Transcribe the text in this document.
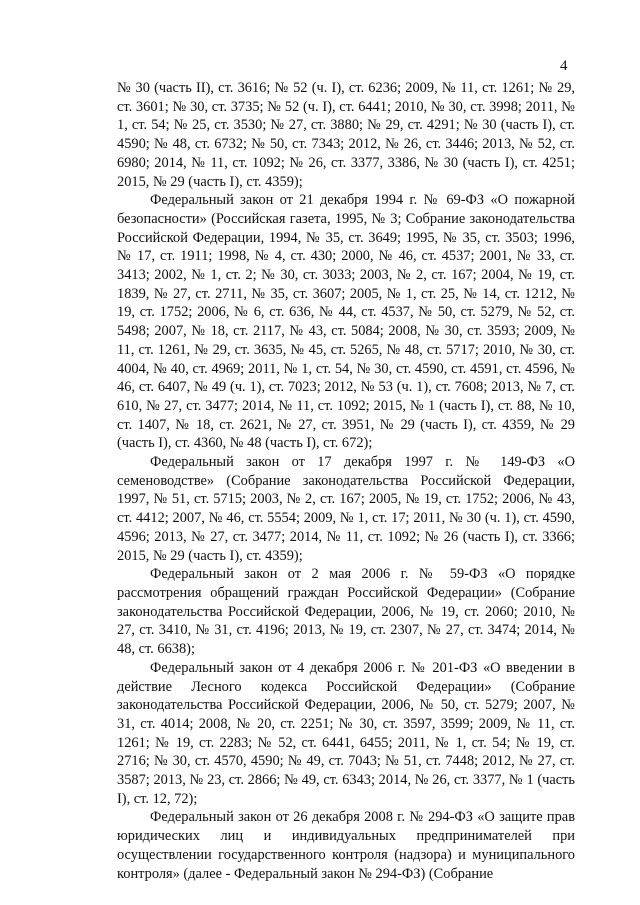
4

№ 30 (часть II), ст. 3616; № 52 (ч. I), ст. 6236; 2009, № 11, ст. 1261; № 29, ст. 3601; № 30, ст. 3735; № 52 (ч. I), ст. 6441; 2010, № 30, ст. 3998; 2011, № 1, ст. 54; № 25, ст. 3530; № 27, ст. 3880; № 29, ст. 4291; № 30 (часть I), ст. 4590; № 48, ст. 6732; № 50, ст. 7343; 2012, № 26, ст. 3446; 2013, № 52, ст. 6980; 2014, № 11, ст. 1092; № 26, ст. 3377, 3386, № 30 (часть I), ст. 4251; 2015, № 29 (часть I), ст. 4359);

Федеральный закон от 21 декабря 1994 г. № 69-ФЗ «О пожарной безопасности» (Российская газета, 1995, № 3; Собрание законодательства Российской Федерации, 1994, № 35, ст. 3649; 1995, № 35, ст. 3503; 1996, № 17, ст. 1911; 1998, № 4, ст. 430; 2000, № 46, ст. 4537; 2001, № 33, ст. 3413; 2002, № 1, ст. 2; № 30, ст. 3033; 2003, № 2, ст. 167; 2004, № 19, ст. 1839, № 27, ст. 2711, № 35, ст. 3607; 2005, № 1, ст. 25, № 14, ст. 1212, № 19, ст. 1752; 2006, № 6, ст. 636, № 44, ст. 4537, № 50, ст. 5279, № 52, ст. 5498; 2007, № 18, ст. 2117, № 43, ст. 5084; 2008, № 30, ст. 3593; 2009, № 11, ст. 1261, № 29, ст. 3635, № 45, ст. 5265, № 48, ст. 5717; 2010, № 30, ст. 4004, № 40, ст. 4969; 2011, № 1, ст. 54, № 30, ст. 4590, ст. 4591, ст. 4596, № 46, ст. 6407, № 49 (ч. 1), ст. 7023; 2012, № 53 (ч. 1), ст. 7608; 2013, № 7, ст. 610, № 27, ст. 3477; 2014, № 11, ст. 1092; 2015, № 1 (часть I), ст. 88, № 10, ст. 1407, № 18, ст. 2621, № 27, ст. 3951, № 29 (часть I), ст. 4359, № 29 (часть I), ст. 4360, № 48 (часть I), ст. 672);

Федеральный закон от 17 декабря 1997 г. № 149-ФЗ «О семеноводстве» (Собрание законодательства Российской Федерации, 1997, № 51, ст. 5715; 2003, № 2, ст. 167; 2005, № 19, ст. 1752; 2006, № 43, ст. 4412; 2007, № 46, ст. 5554; 2009, № 1, ст. 17; 2011, № 30 (ч. 1), ст. 4590, 4596; 2013, № 27, ст. 3477; 2014, № 11, ст. 1092; № 26 (часть I), ст. 3366; 2015, № 29 (часть I), ст. 4359);

Федеральный закон от 2 мая 2006 г. № 59-ФЗ «О порядке рассмотрения обращений граждан Российской Федерации» (Собрание законодательства Российской Федерации, 2006, № 19, ст. 2060; 2010, № 27, ст. 3410, № 31, ст. 4196; 2013, № 19, ст. 2307, № 27, ст. 3474; 2014, № 48, ст. 6638);

Федеральный закон от 4 декабря 2006 г. № 201-ФЗ «О введении в действие Лесного кодекса Российской Федерации» (Собрание законодательства Российской Федерации, 2006, № 50, ст. 5279; 2007, № 31, ст. 4014; 2008, № 20, ст. 2251; № 30, ст. 3597, 3599; 2009, № 11, ст. 1261; № 19, ст. 2283; № 52, ст. 6441, 6455; 2011, № 1, ст. 54; № 19, ст. 2716; № 30, ст. 4570, 4590; № 49, ст. 7043; № 51, ст. 7448; 2012, № 27, ст. 3587; 2013, № 23, ст. 2866; № 49, ст. 6343; 2014, № 26, ст. 3377, № 1 (часть I), ст. 12, 72);

Федеральный закон от 26 декабря 2008 г. № 294-ФЗ «О защите прав юридических лиц и индивидуальных предпринимателей при осуществлении государственного контроля (надзора) и муниципального контроля» (далее - Федеральный закон № 294-ФЗ) (Собрание
